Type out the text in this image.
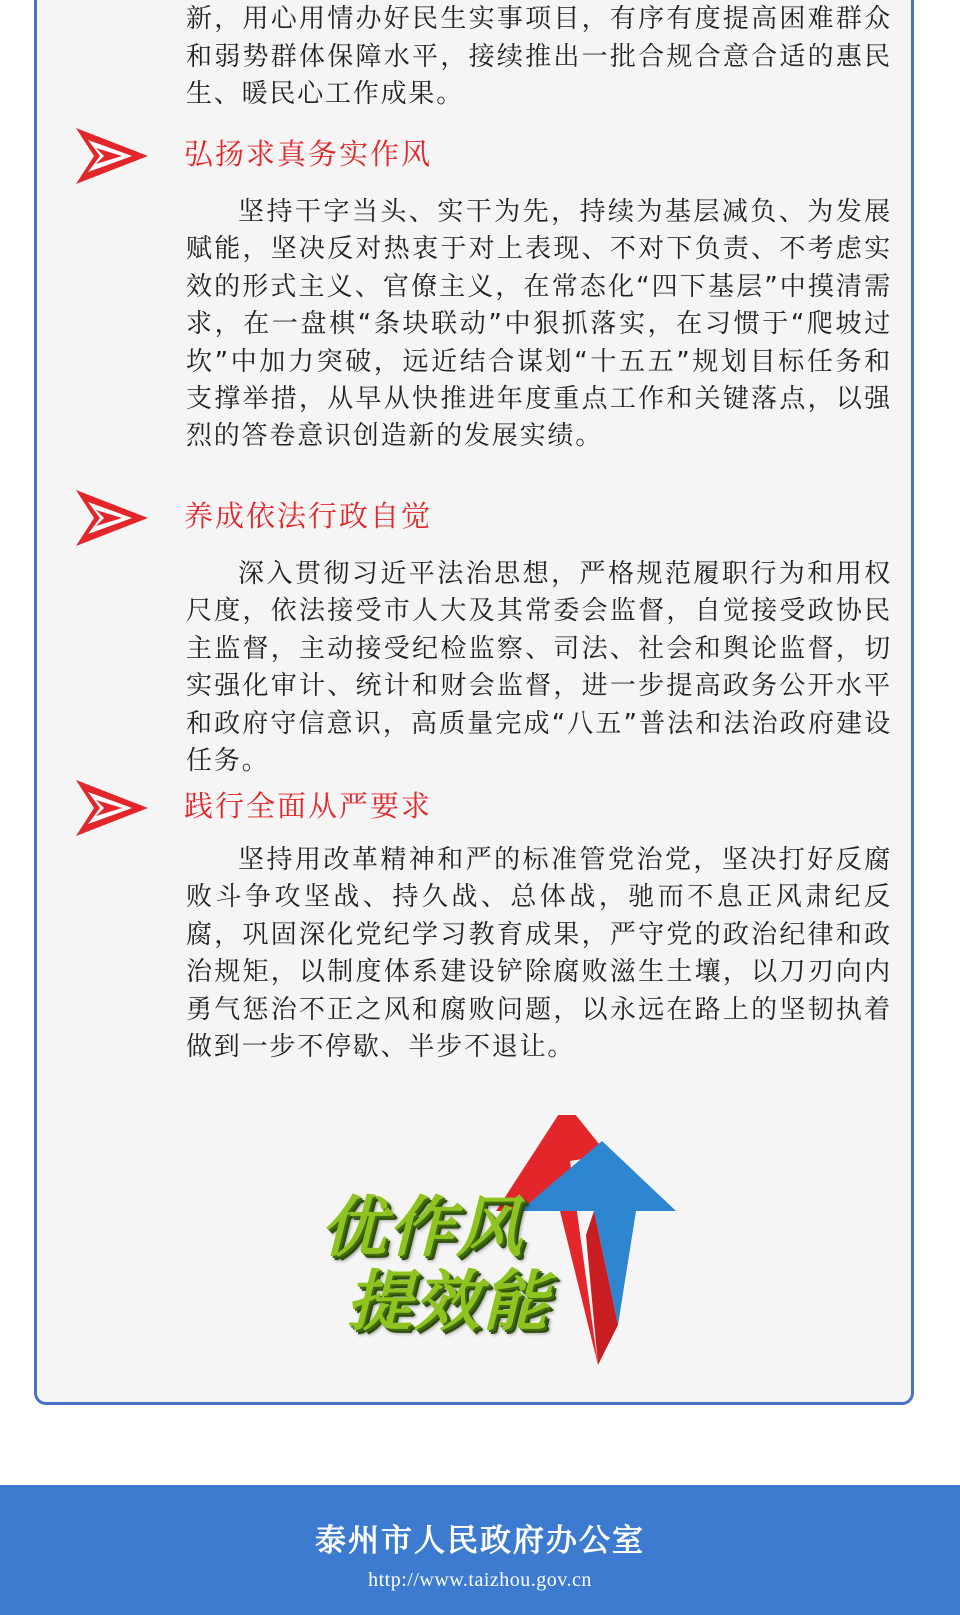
新，用心用情办好民生实事项目，有序有度提高困难群众和弱势群体保障水平，接续推出一批合规合意合适的惠民生、暖民心工作成果。

弘扬求真务实作风

坚持干字当头、实干为先，持续为基层减负、为发展赋能，坚决反对热衷于对上表现、不对下负责、不考虑实效的形式主义、官僚主义，在常态化“四下基层”中摸清需求，在一盘棋“条块联动”中狠抓落实，在习惯于“爬坡过坎”中加力突破，远近结合谋划“十五五”规划目标任务和支撑举措，从早从快推进年度重点工作和关键落点，以强烈的答卷意识创造新的发展实绩。

养成依法行政自觉

深入贯彻习近平法治思想，严格规范履职行为和用权尺度，依法接受市人大及其常委会监督，自觉接受政协民主监督，主动接受纪检监察、司法、社会和舆论监督，切实强化审计、统计和财会监督，进一步提高政务公开水平和政府守信意识，高质量完成“八五”普法和法治政府建设任务。

践行全面从严要求

坚持用改革精神和严的标准管党治党，坚决打好反腐败斗争攻坚战、持久战、总体战，驰而不息正风肃纪反腐，巩固深化党纪学习教育成果，严守党的政治纪律和政治规矩，以制度体系建设铲除腐败滋生土壤，以刀刃向内勇气惩治不正之风和腐败问题，以永远在路上的坚韧执着做到一步不停歇、半步不退让。

优作风
提效能
泰州市人民政府办公室
http://www.taizhou.gov.cn
